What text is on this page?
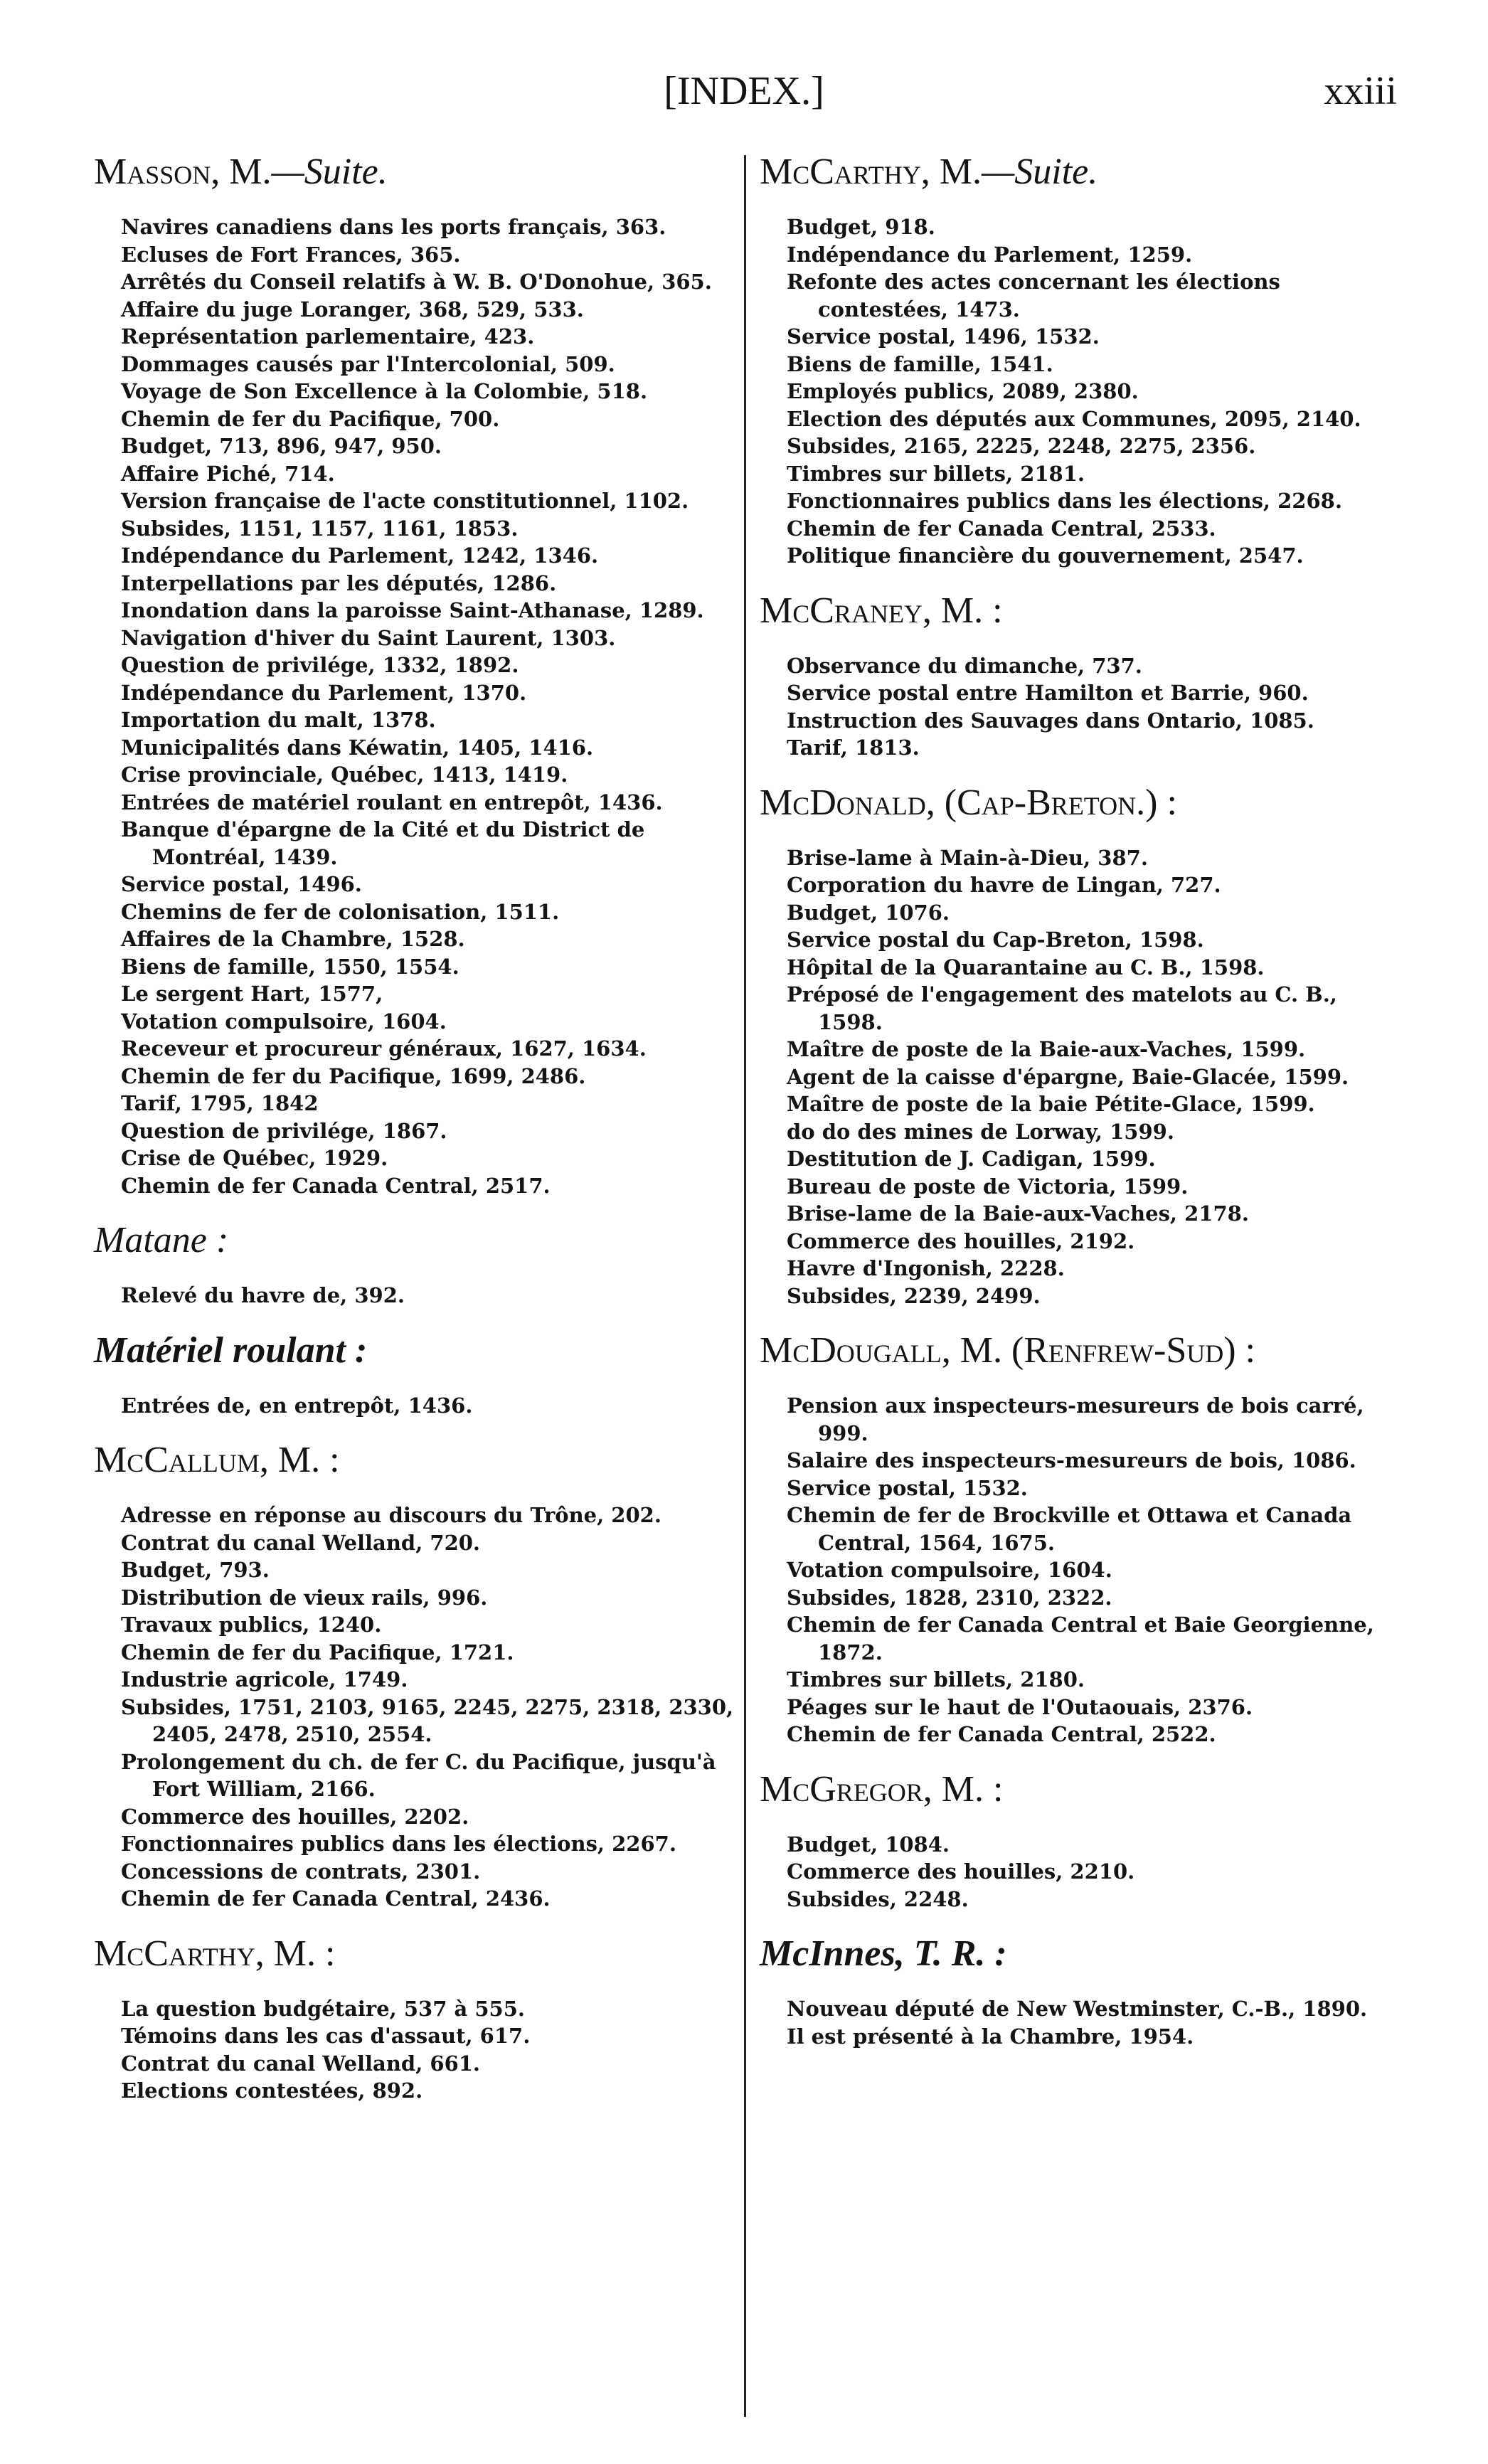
[INDEX.]	xxiii
Masson, M.—Suite.
Navires canadiens dans les ports français, 363.
Ecluses de Fort Frances, 365.
Arrêtés du Conseil relatifs à W. B. O'Donohue, 365.
Affaire du juge Loranger, 368, 529, 533.
Représentation parlementaire, 423.
Dommages causés par l'Intercolonial, 509.
Voyage de Son Excellence à la Colombie, 518.
Chemin de fer du Pacifique, 700.
Budget, 713, 896, 947, 950.
Affaire Piché, 714.
Version française de l'acte constitutionnel, 1102.
Subsides, 1151, 1157, 1161, 1853.
Indépendance du Parlement, 1242, 1346.
Interpellations par les députés, 1286.
Inondation dans la paroisse Saint-Athanase, 1289.
Navigation d'hiver du Saint Laurent, 1303.
Question de privilége, 1332, 1892.
Indépendance du Parlement, 1370.
Importation du malt, 1378.
Municipalités dans Kéwatin, 1405, 1416.
Crise provinciale, Québec, 1413, 1419.
Entrées de matériel roulant en entrepôt, 1436.
Banque d'épargne de la Cité et du District de Montréal, 1439.
Service postal, 1496.
Chemins de fer de colonisation, 1511.
Affaires de la Chambre, 1528.
Biens de famille, 1550, 1554.
Le sergent Hart, 1577,
Votation compulsoire, 1604.
Receveur et procureur généraux, 1627, 1634.
Chemin de fer du Pacifique, 1699, 2486.
Tarif, 1795, 1842
Question de privilége, 1867.
Crise de Québec, 1929.
Chemin de fer Canada Central, 2517.
Matane :
Relevé du havre de, 392.
Matériel roulant :
Entrées de, en entrepôt, 1436.
McCallum, M. :
Adresse en réponse au discours du Trône, 202.
Contrat du canal Welland, 720.
Budget, 793.
Distribution de vieux rails, 996.
Travaux publics, 1240.
Chemin de fer du Pacifique, 1721.
Industrie agricole, 1749.
Subsides, 1751, 2103, 9165, 2245, 2275, 2318, 2330, 2405, 2478, 2510, 2554.
Prolongement du ch. de fer C. du Pacifique, jusqu'à Fort William, 2166.
Commerce des houilles, 2202.
Fonctionnaires publics dans les élections, 2267.
Concessions de contrats, 2301.
Chemin de fer Canada Central, 2436.
McCarthy, M. :
La question budgétaire, 537 à 555.
Témoins dans les cas d'assaut, 617.
Contrat du canal Welland, 661.
Elections contestées, 892.
McCarthy, M.—Suite.
Budget, 918.
Indépendance du Parlement, 1259.
Refonte des actes concernant les élections contestées, 1473.
Service postal, 1496, 1532.
Biens de famille, 1541.
Employés publics, 2089, 2380.
Election des députés aux Communes, 2095, 2140.
Subsides, 2165, 2225, 2248, 2275, 2356.
Timbres sur billets, 2181.
Fonctionnaires publics dans les élections, 2268.
Chemin de fer Canada Central, 2533.
Politique financière du gouvernement, 2547.
McCraney, M. :
Observance du dimanche, 737.
Service postal entre Hamilton et Barrie, 960.
Instruction des Sauvages dans Ontario, 1085.
Tarif, 1813.
McDonald, (Cap-Breton.) :
Brise-lame à Main-à-Dieu, 387.
Corporation du havre de Lingan, 727.
Budget, 1076.
Service postal du Cap-Breton, 1598.
Hôpital de la Quarantaine au C. B., 1598.
Préposé de l'engagement des matelots au C. B., 1598.
Maître de poste de la Baie-aux-Vaches, 1599.
Agent de la caisse d'épargne, Baie-Glacée, 1599.
Maître de poste de la baie Pétite-Glace, 1599.
do do des mines de Lorway, 1599.
Destitution de J. Cadigan, 1599.
Bureau de poste de Victoria, 1599.
Brise-lame de la Baie-aux-Vaches, 2178.
Commerce des houilles, 2192.
Havre d'Ingonish, 2228.
Subsides, 2239, 2499.
McDougall, M. (Renfrew-Sud) :
Pension aux inspecteurs-mesureurs de bois carré, 999.
Salaire des inspecteurs-mesureurs de bois, 1086.
Service postal, 1532.
Chemin de fer de Brockville et Ottawa et Canada Central, 1564, 1675.
Votation compulsoire, 1604.
Subsides, 1828, 2310, 2322.
Chemin de fer Canada Central et Baie Georgienne, 1872.
Timbres sur billets, 2180.
Péages sur le haut de l'Outaouais, 2376.
Chemin de fer Canada Central, 2522.
McGregor, M. :
Budget, 1084.
Commerce des houilles, 2210.
Subsides, 2248.
McInnes, T. R. :
Nouveau député de New Westminster, C.-B., 1890.
Il est présenté à la Chambre, 1954.
